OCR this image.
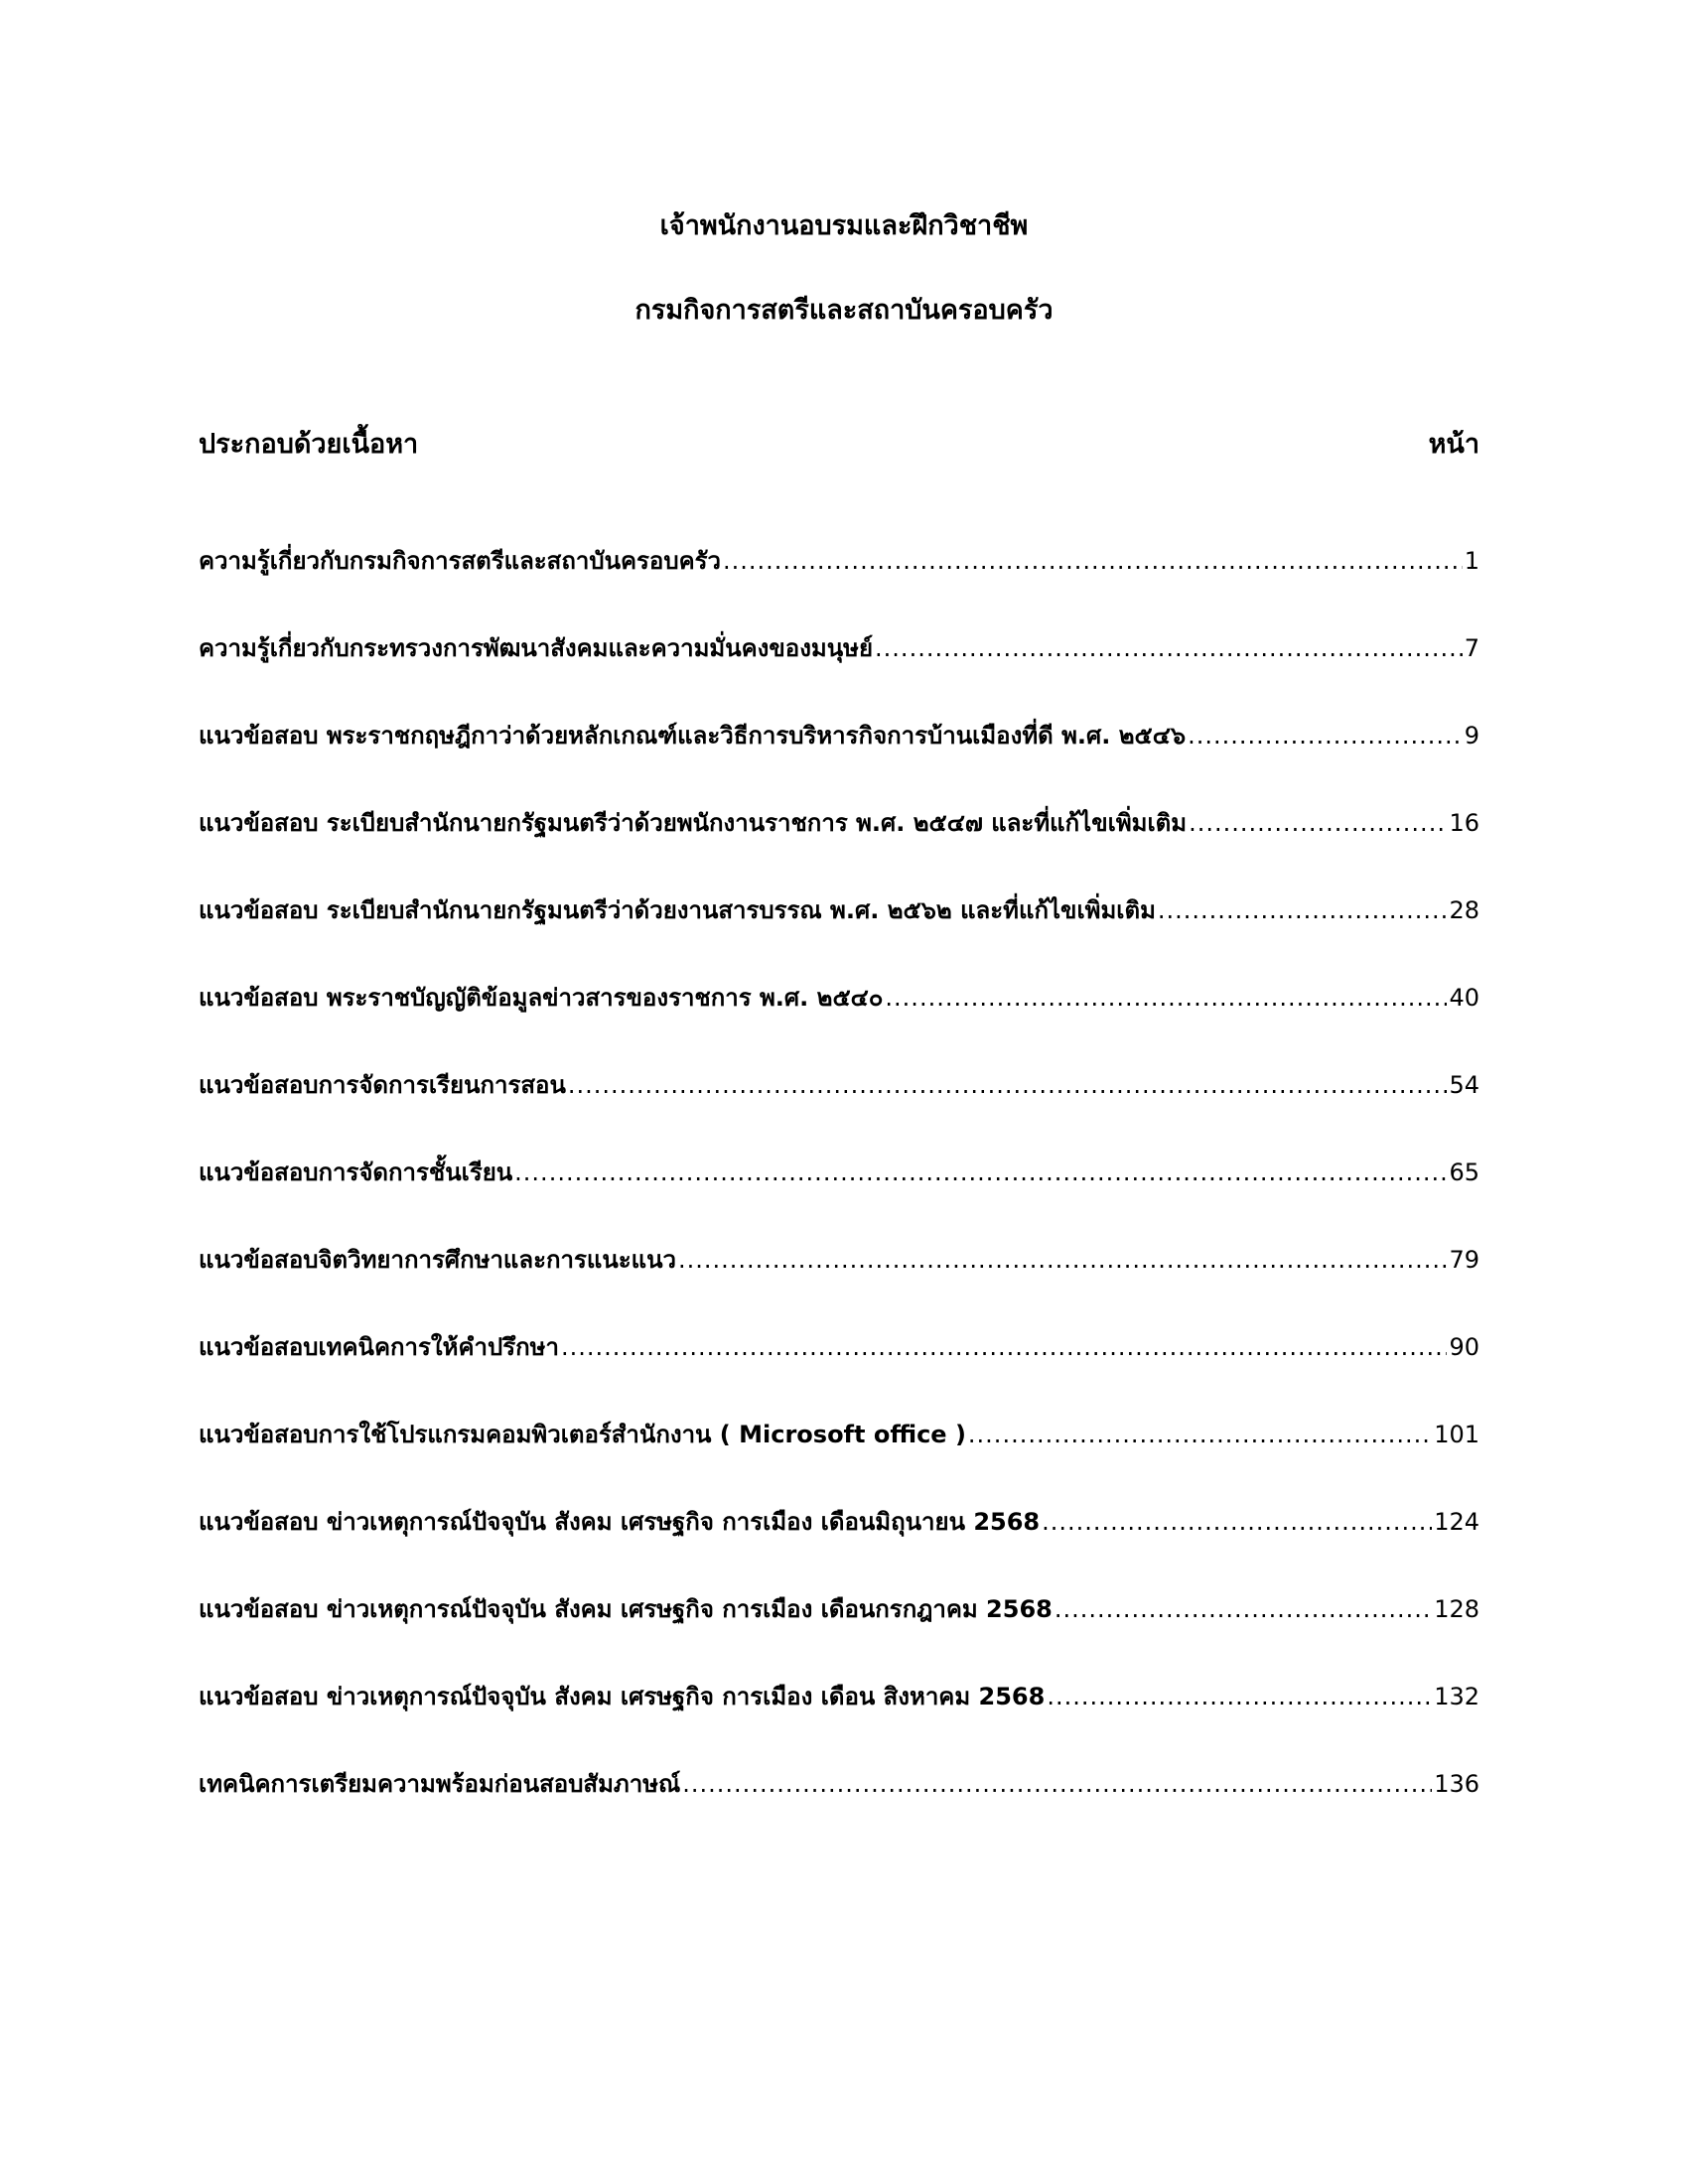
เจ้าพนักงานอบรมและฝึกวิชาชีพ
กรมกิจการสตรีและสถาบันครอบครัว
ประกอบด้วยเนื้อหา	หน้า
ความรู้เกี่ยวกับกรมกิจการสตรีและสถาบันครอบครัว .....	1
ความรู้เกี่ยวกับกระทรวงการพัฒนาสังคมและความมั่นคงของมนุษย์ .....	7
แนวข้อสอบ พระราชกฤษฎีกาว่าด้วยหลักเกณฑ์และวิธีการบริหารกิจการบ้านเมืองที่ดี พ.ศ. ๒๕๔๖ .....	9
แนวข้อสอบ ระเบียบสำนักนายกรัฐมนตรีว่าด้วยพนักงานราชการ พ.ศ. ๒๕๔๗ และที่แก้ไขเพิ่มเติม .....	16
แนวข้อสอบ ระเบียบสำนักนายกรัฐมนตรีว่าด้วยงานสารบรรณ พ.ศ. ๒๕๖๒ และที่แก้ไขเพิ่มเติม .....	28
แนวข้อสอบ พระราชบัญญัติข้อมูลข่าวสารของราชการ พ.ศ. ๒๕๔๐ .....	40
แนวข้อสอบการจัดการเรียนการสอน .....	54
แนวข้อสอบการจัดการชั้นเรียน .....	65
แนวข้อสอบจิตวิทยาการศึกษาและการแนะแนว .....	79
แนวข้อสอบเทคนิคการให้คำปรึกษา .....	90
แนวข้อสอบการใช้โปรแกรมคอมพิวเตอร์สำนักงาน ( Microsoft office ) .....	101
แนวข้อสอบ ข่าวเหตุการณ์ปัจจุบัน สังคม เศรษฐกิจ การเมือง เดือนมิถุนายน 2568 .....	124
แนวข้อสอบ ข่าวเหตุการณ์ปัจจุบัน สังคม เศรษฐกิจ การเมือง เดือนกรกฎาคม 2568 .....	128
แนวข้อสอบ ข่าวเหตุการณ์ปัจจุบัน สังคม เศรษฐกิจ การเมือง เดือน สิงหาคม 2568 .....	132
เทคนิคการเตรียมความพร้อมก่อนสอบสัมภาษณ์ .....	136
